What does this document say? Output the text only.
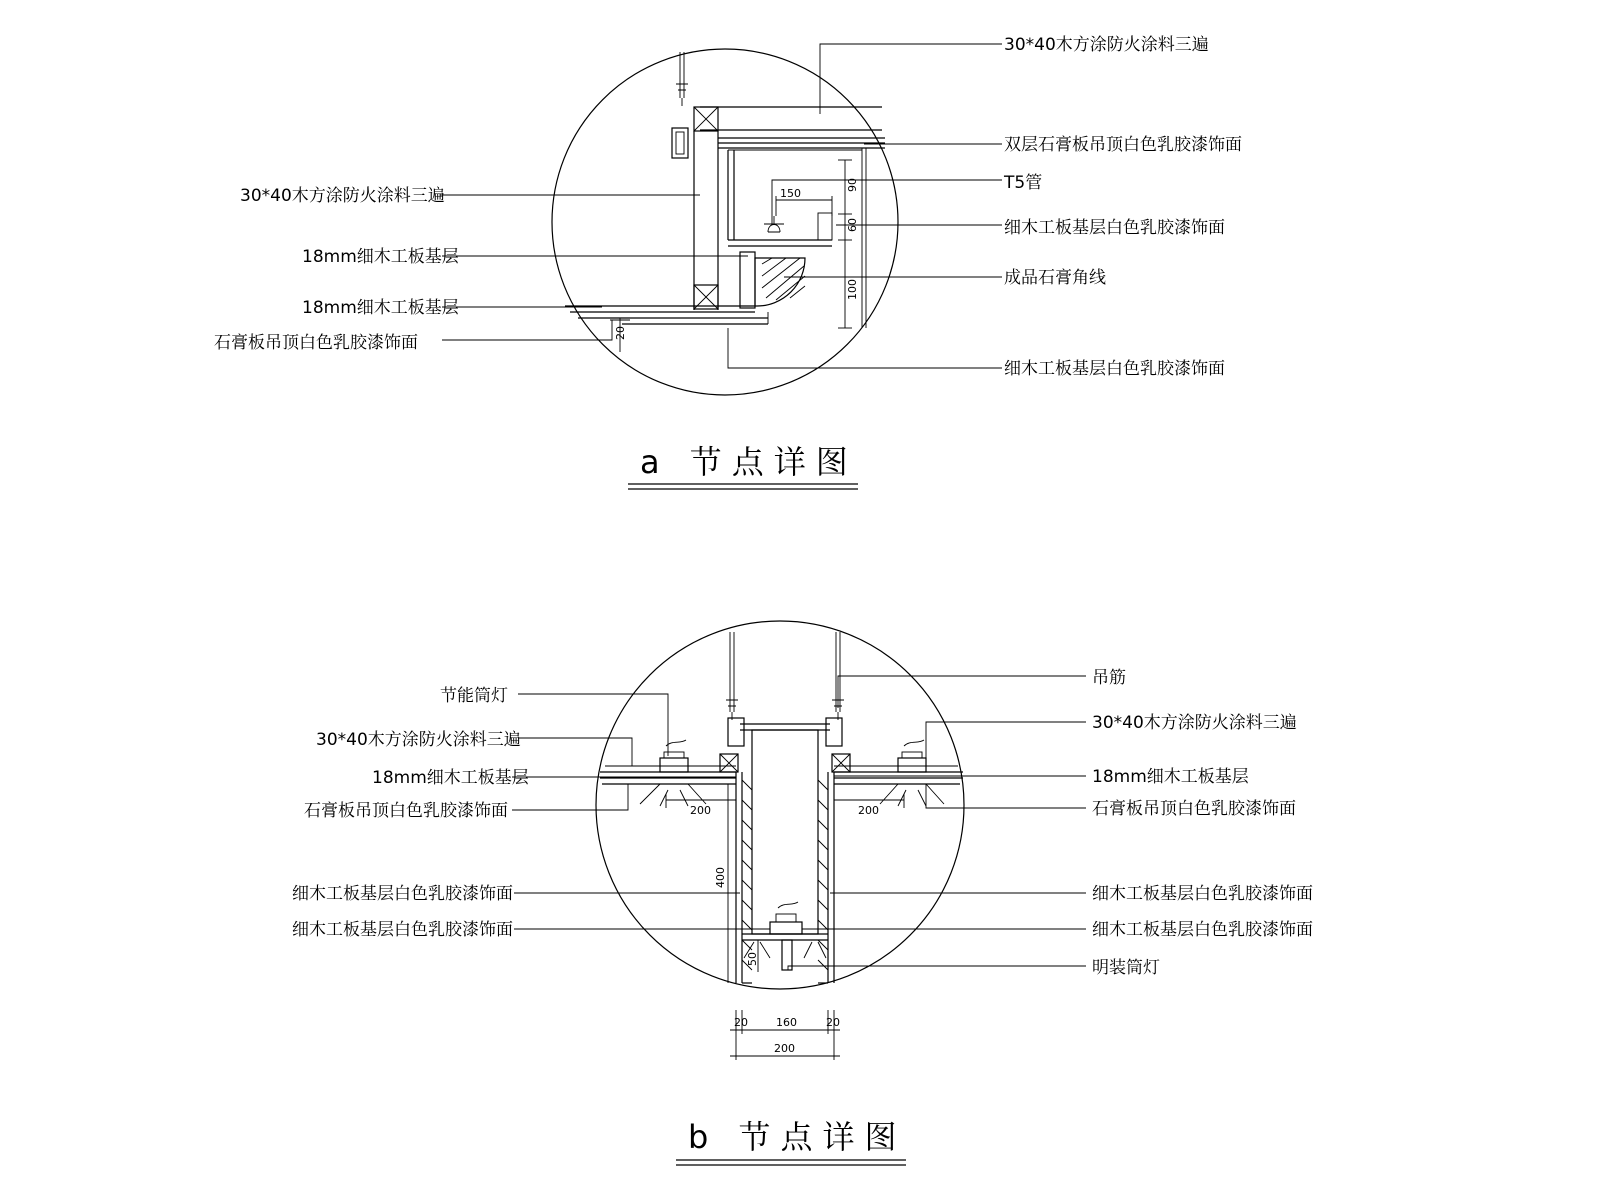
150
90
60
100
20
30*40木方涂防火涂料三遍
双层石膏板吊顶白色乳胶漆饰面
T5管
细木工板基层白色乳胶漆饰面
成品石膏角线
细木工板基层白色乳胶漆饰面
30*40木方涂防火涂料三遍
18mm细木工板基层
18mm细木工板基层
石膏板吊顶白色乳胶漆饰面
a 节点详图
200	200
400
50
20	160	20
200
节能筒灯
30*40木方涂防火涂料三遍
18mm细木工板基层
石膏板吊顶白色乳胶漆饰面
细木工板基层白色乳胶漆饰面
细木工板基层白色乳胶漆饰面
吊筋
30*40木方涂防火涂料三遍
18mm细木工板基层
石膏板吊顶白色乳胶漆饰面
细木工板基层白色乳胶漆饰面
细木工板基层白色乳胶漆饰面
明装筒灯
b 节点详图
